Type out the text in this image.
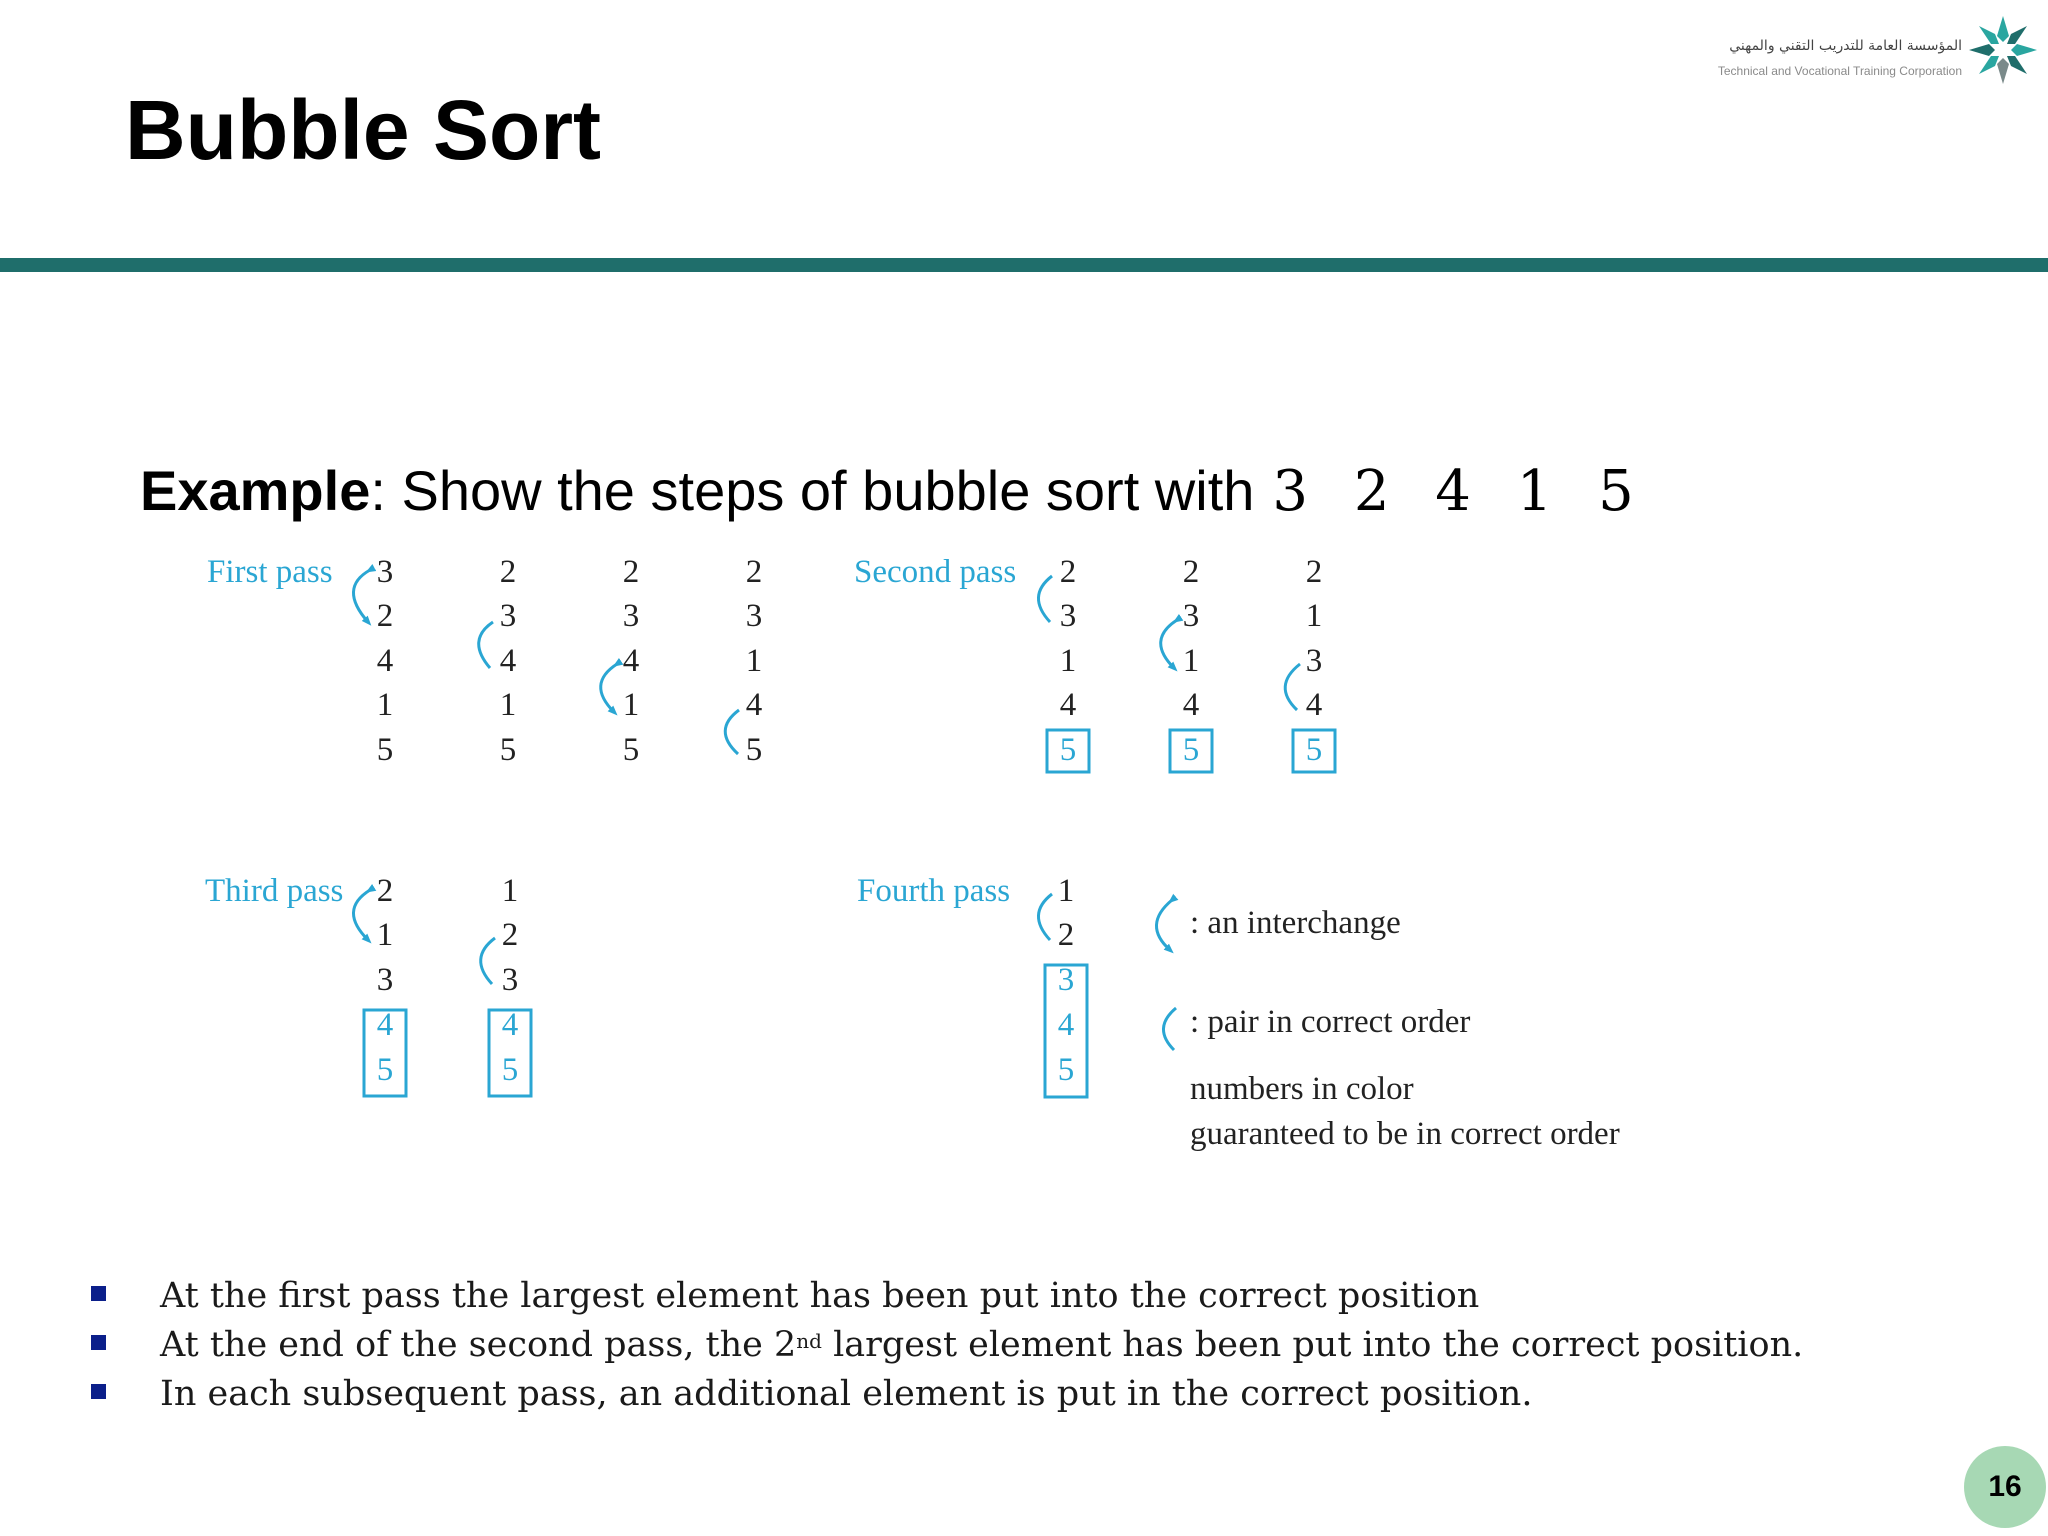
Bubble Sort
المؤسسة العامة للتدريب التقني والمهني
Technical and Vocational Training Corporation
Example: Show the steps of bubble sort with 3 2 4 1 5
First pass	Second pass
Third pass	Fourth pass
3
2
4
1
5
2
3
4
1
5
2
3
4
1
5
2
3
1
4
5
2
3
1
4
5
2
3
1
4
5
2
1
3
4
5
2
1
3
4
5
1
2
3
4
5
1
2
3
4
5
: an interchange
: pair in correct order
numbers in color
guaranteed to be in correct order
At the first pass the largest element has been put into the correct position
At the end of the second pass, the 2nd largest element has been put into the correct position.
In each subsequent pass, an additional element is put in the correct position.
16
